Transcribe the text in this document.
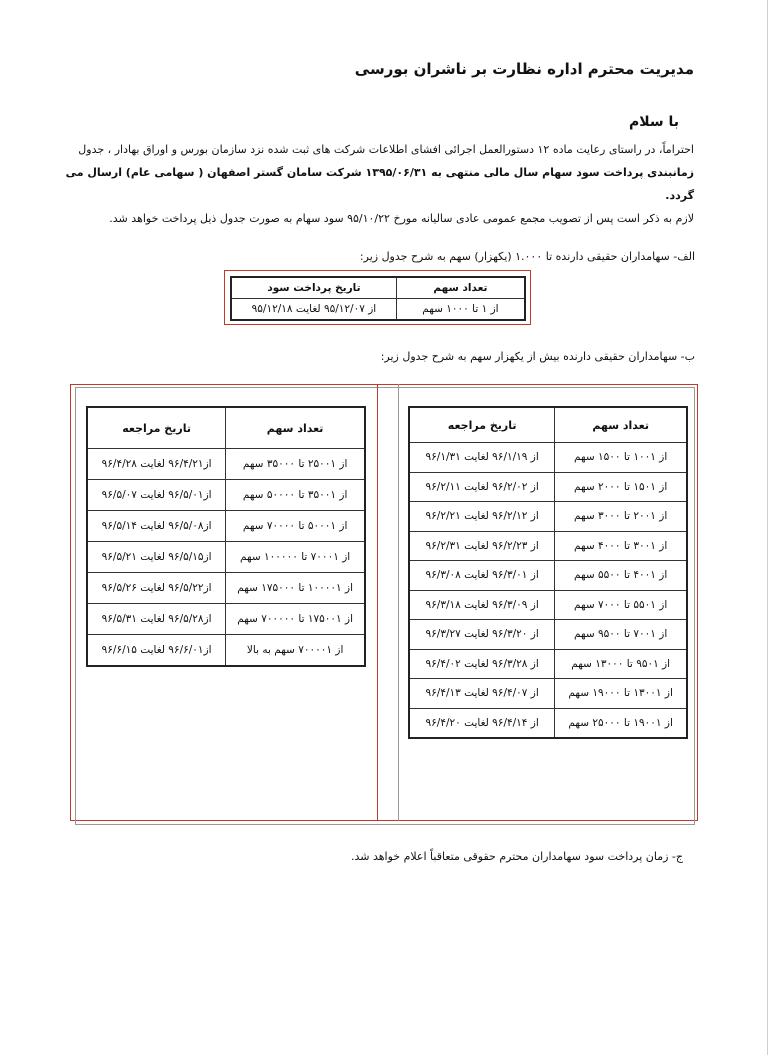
مدیریت محترم اداره نظارت بر ناشران بورسی
با سلام

احتراماً، در راستای رعایت ماده ۱۲ دستورالعمل اجرائی افشای اطلاعات شرکت های ثبت شده نزد سازمان بورس و اوراق بهادار ، جدول

زمانبندی پرداخت سود سهام سال مالی منتهی به ۱۳۹۵/۰۶/۳۱ شرکت سامان گستر اصفهان ( سهامی عام) ارسال می گردد.

لازم به ذکر است پس از تصویب مجمع عمومی عادی سالیانه مورخ ۹۵/۱۰/۲۲ سود سهام به صورت جدول ذیل پرداخت خواهد شد.

الف- سهامداران حقیقی دارنده تا ۱.۰۰۰ (یکهزار) سهم به شرح جدول زیر:
تعداد سهم	تاریخ پرداخت سود
از ۱ تا ۱۰۰۰ سهم	از ۹۵/۱۲/۰۷ لغایت ۹۵/۱۲/۱۸
ب- سهامداران حقیقی دارنده بیش از یکهزار سهم به شرح جدول زیر:
تعداد سهم	تاریخ مراجعه
از ۱۰۰۱ تا ۱۵۰۰ سهم	از ۹۶/۱/۱۹ لغایت ۹۶/۱/۳۱
از ۱۵۰۱ تا ۲۰۰۰ سهم	از ۹۶/۲/۰۲ لغایت ۹۶/۲/۱۱
از ۲۰۰۱ تا ۳۰۰۰ سهم	از ۹۶/۲/۱۲ لغایت ۹۶/۲/۲۱
از ۳۰۰۱ تا ۴۰۰۰ سهم	از ۹۶/۲/۲۳ لغایت ۹۶/۲/۳۱
از ۴۰۰۱ تا ۵۵۰۰ سهم	از ۹۶/۳/۰۱ لغایت ۹۶/۳/۰۸
از ۵۵۰۱ تا ۷۰۰۰ سهم	از ۹۶/۳/۰۹ لغایت ۹۶/۳/۱۸
از ۷۰۰۱ تا ۹۵۰۰ سهم	از ۹۶/۳/۲۰ لغایت ۹۶/۳/۲۷
از ۹۵۰۱ تا ۱۳۰۰۰ سهم	از ۹۶/۳/۲۸ لغایت ۹۶/۴/۰۲
از ۱۳۰۰۱ تا ۱۹۰۰۰ سهم	از ۹۶/۴/۰۷ لغایت ۹۶/۴/۱۳
از ۱۹۰۰۱ تا ۲۵۰۰۰ سهم	از ۹۶/۴/۱۴ لغایت ۹۶/۴/۲۰
تعداد سهم	تاریخ مراجعه
از ۲۵۰۰۱ تا ۳۵۰۰۰ سهم	از۹۶/۴/۲۱ لغایت ۹۶/۴/۲۸
از ۳۵۰۰۱ تا ۵۰۰۰۰ سهم	از۹۶/۵/۰۱ لغایت ۹۶/۵/۰۷
از ۵۰۰۰۱ تا ۷۰۰۰۰ سهم	از۹۶/۵/۰۸ لغایت ۹۶/۵/۱۴
از ۷۰۰۰۱ تا ۱۰۰۰۰۰ سهم	از۹۶/۵/۱۵ لغایت ۹۶/۵/۲۱
از ۱۰۰۰۰۱ تا ۱۷۵۰۰۰ سهم	از۹۶/۵/۲۲ لغایت ۹۶/۵/۲۶
از ۱۷۵۰۰۱ تا ۷۰۰۰۰۰ سهم	از۹۶/۵/۲۸ لغایت ۹۶/۵/۳۱
از ۷۰۰۰۰۱ سهم به بالا	از۹۶/۶/۰۱ لغایت ۹۶/۶/۱۵
ج- زمان پرداخت سود سهامداران محترم حقوقی متعاقباً اعلام خواهد شد.
